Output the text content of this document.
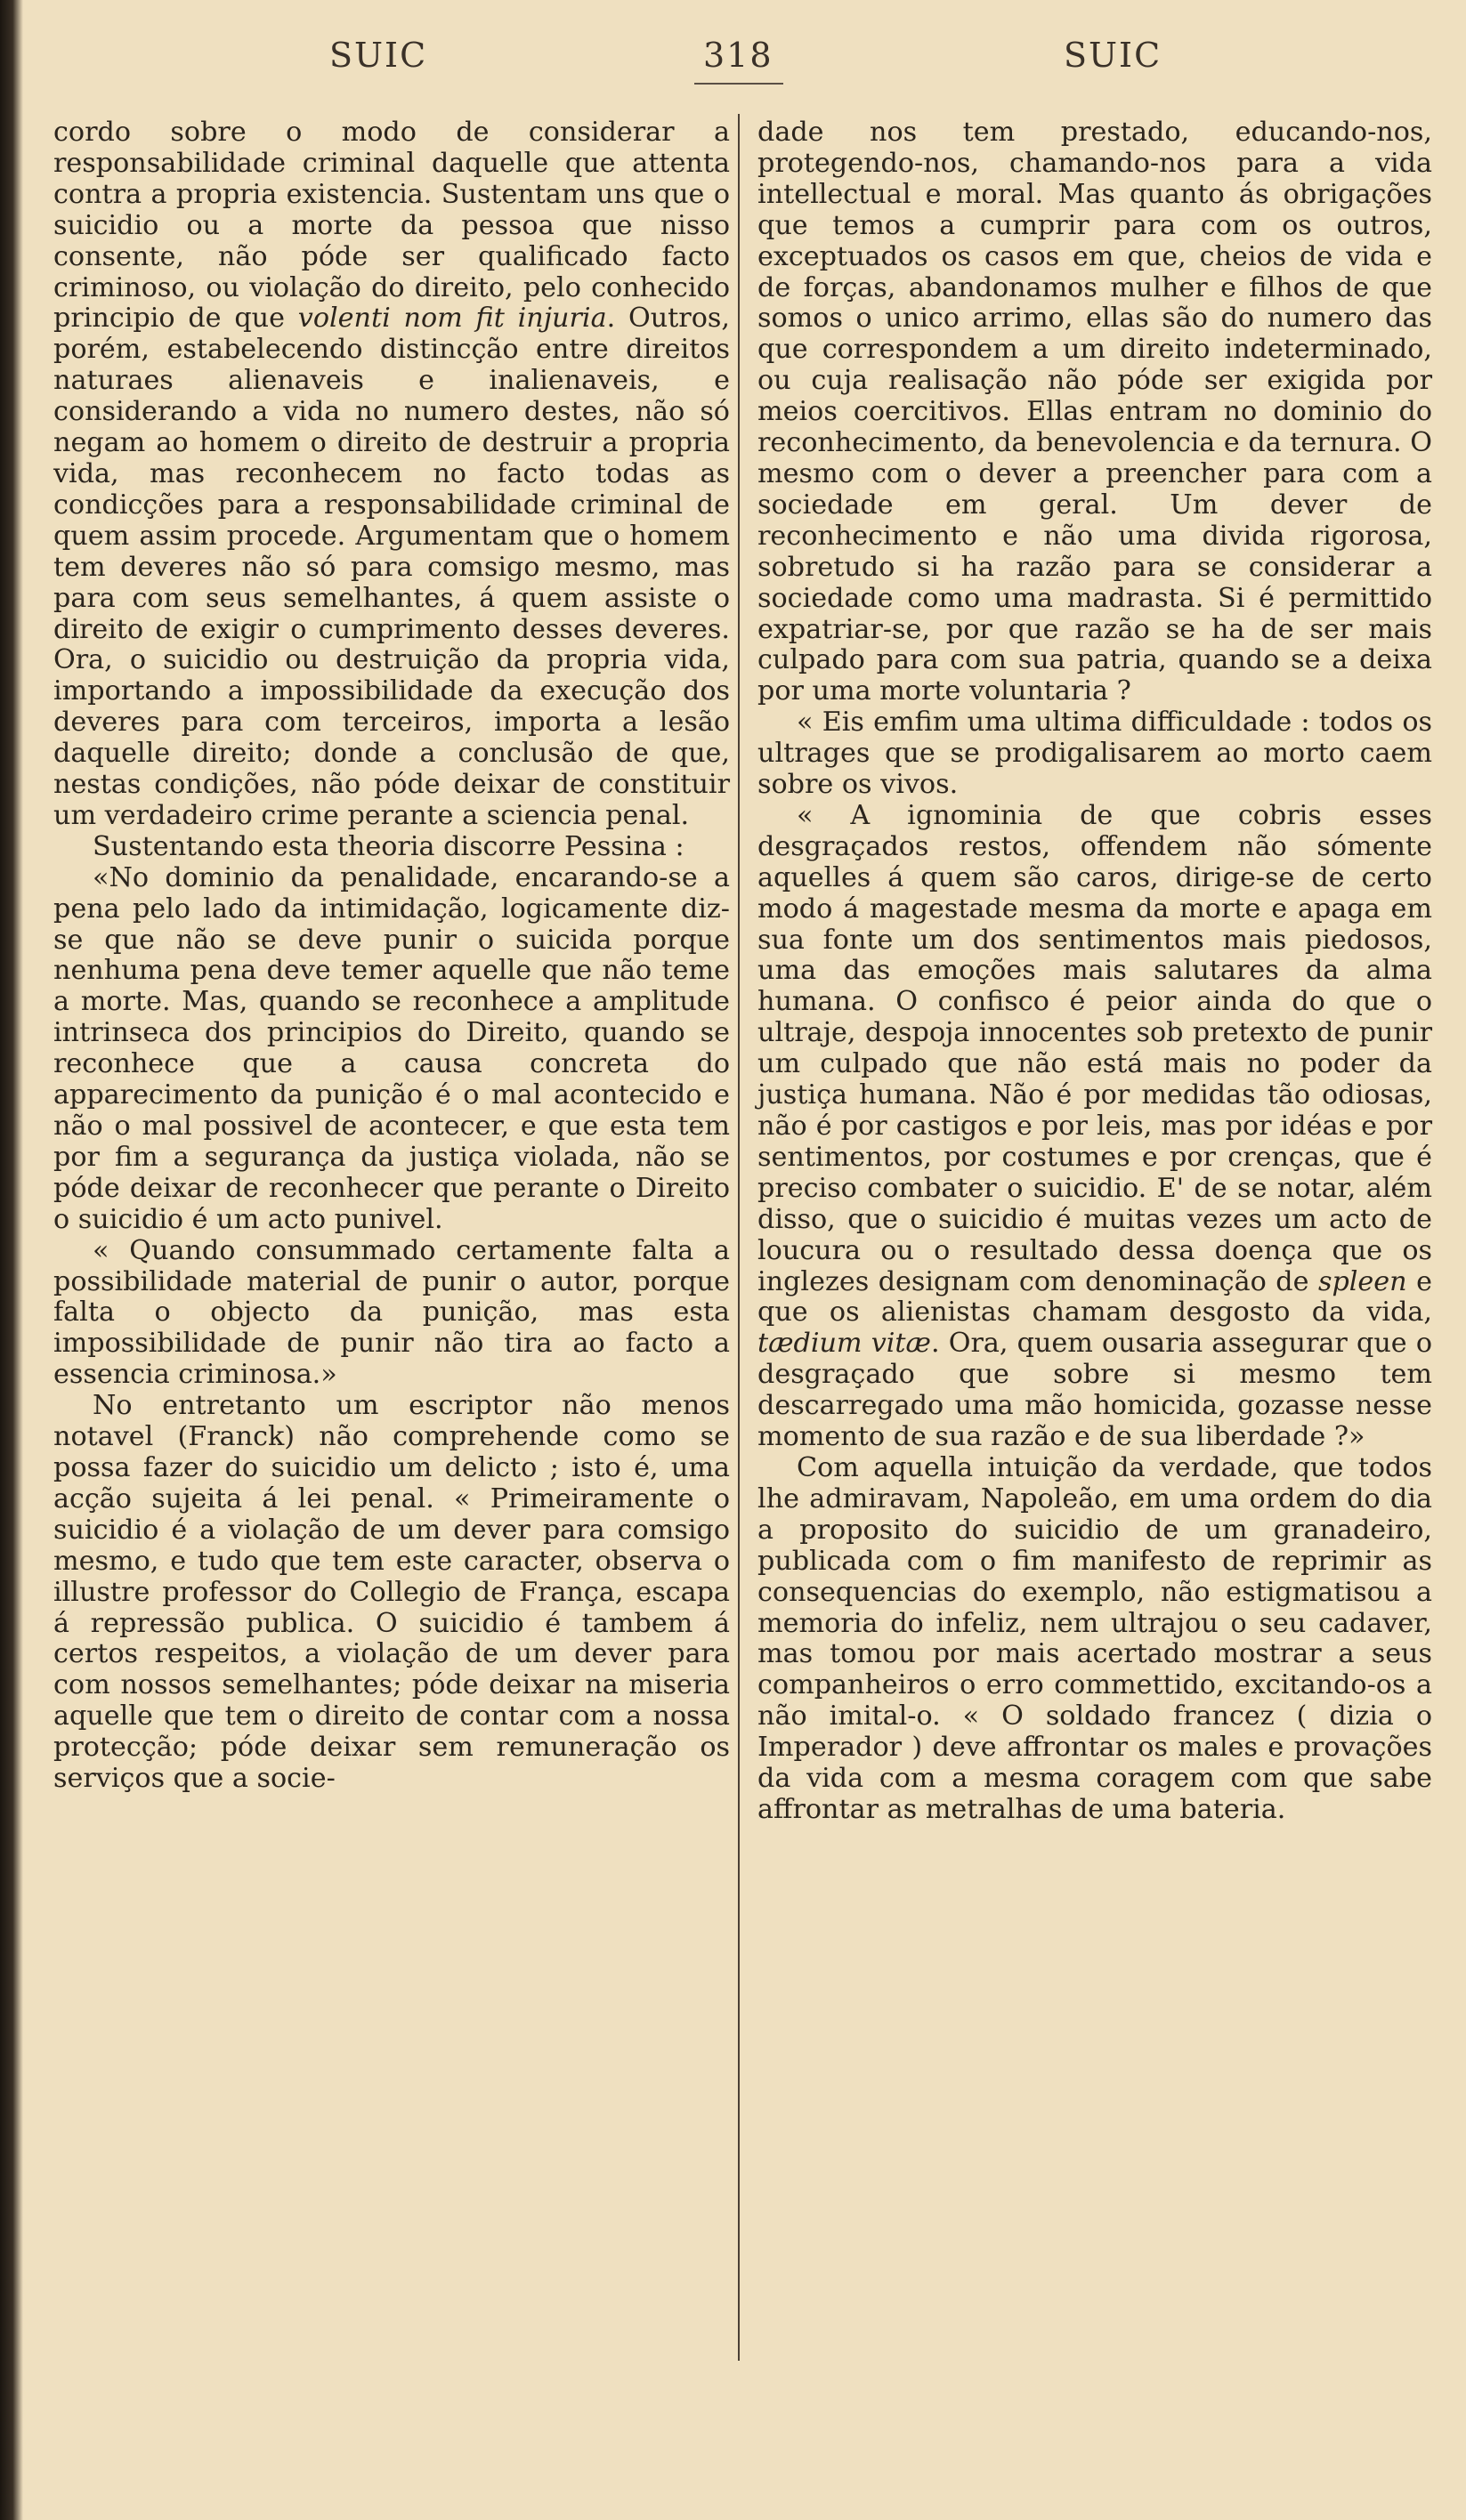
SUIC	318	SUIC

cordo sobre o modo de considerar a responsabilidade criminal daquelle que attenta contra a propria existencia. Sustentam uns que o suicidio ou a morte da pessoa que nisso consente, não póde ser qualificado facto criminoso, ou violação do direito, pelo conhecido principio de que volenti nom fit injuria. Outros, porém, estabelecendo distincção entre direitos naturaes alienaveis e inalienaveis, e considerando a vida no numero destes, não só negam ao homem o direito de destruir a propria vida, mas reconhecem no facto todas as condicções para a responsabilidade criminal de quem assim procede. Argumentam que o homem tem deveres não só para comsigo mesmo, mas para com seus semelhantes, á quem assiste o direito de exigir o cumprimento desses deveres. Ora, o suicidio ou destruição da propria vida, importando a impossibilidade da execução dos deveres para com terceiros, importa a lesão daquelle direito; donde a conclusão de que, nestas condições, não póde deixar de constituir um verdadeiro crime perante a sciencia penal.

Sustentando esta theoria discorre Pessina :

«No dominio da penalidade, encarando-se a pena pelo lado da intimidação, logicamente diz-se que não se deve punir o suicida porque nenhuma pena deve temer aquelle que não teme a morte. Mas, quando se reconhece a amplitude intrinseca dos principios do Direito, quando se reconhece que a causa concreta do apparecimento da punição é o mal acontecido e não o mal possivel de acontecer, e que esta tem por fim a segurança da justiça violada, não se póde deixar de reconhecer que perante o Direito o suicidio é um acto punivel.

« Quando consummado certamente falta a possibilidade material de punir o autor, porque falta o objecto da punição, mas esta impossibilidade de punir não tira ao facto a essencia criminosa.»

No entretanto um escriptor não menos notavel (Franck) não comprehende como se possa fazer do suicidio um delicto ; isto é, uma acção sujeita á lei penal. « Primeiramente o suicidio é a violação de um dever para comsigo mesmo, e tudo que tem este caracter, observa o illustre professor do Collegio de França, escapa á repressão publica. O suicidio é tambem á certos respeitos, a violação de um dever para com nossos semelhantes; póde deixar na miseria aquelle que tem o direito de contar com a nossa protecção; póde deixar sem remuneração os serviços que a socie-

dade nos tem prestado, educando-nos, protegendo-nos, chamando-nos para a vida intellectual e moral. Mas quanto ás obrigações que temos a cumprir para com os outros, exceptuados os casos em que, cheios de vida e de forças, abandonamos mulher e filhos de que somos o unico arrimo, ellas são do numero das que correspondem a um direito indeterminado, ou cuja realisação não póde ser exigida por meios coercitivos. Ellas entram no dominio do reconhecimento, da benevolencia e da ternura. O mesmo com o dever a preencher para com a sociedade em geral. Um dever de reconhecimento e não uma divida rigorosa, sobretudo si ha razão para se considerar a sociedade como uma madrasta. Si é permittido expatriar-se, por que razão se ha de ser mais culpado para com sua patria, quando se a deixa por uma morte voluntaria ?

« Eis emfim uma ultima difficuldade : todos os ultrages que se prodigalisarem ao morto caem sobre os vivos.

« A ignominia de que cobris esses desgraçados restos, offendem não sómente aquelles á quem são caros, dirige-se de certo modo á magestade mesma da morte e apaga em sua fonte um dos sentimentos mais piedosos, uma das emoções mais salutares da alma humana. O confisco é peior ainda do que o ultraje, despoja innocentes sob pretexto de punir um culpado que não está mais no poder da justiça humana. Não é por medidas tão odiosas, não é por castigos e por leis, mas por idéas e por sentimentos, por costumes e por crenças, que é preciso combater o suicidio. E' de se notar, além disso, que o suicidio é muitas vezes um acto de loucura ou o resultado dessa doença que os inglezes designam com denominação de spleen e que os alienistas chamam desgosto da vida, tædium vitæ. Ora, quem ousaria assegurar que o desgraçado que sobre si mesmo tem descarregado uma mão homicida, gozasse nesse momento de sua razão e de sua liberdade ?»

Com aquella intuição da verdade, que todos lhe admiravam, Napoleão, em uma ordem do dia a proposito do suicidio de um granadeiro, publicada com o fim manifesto de reprimir as consequencias do exemplo, não estigmatisou a memoria do infeliz, nem ultrajou o seu cadaver, mas tomou por mais acertado mostrar a seus companheiros o erro commettido, excitando-os a não imital-o. « O soldado francez ( dizia o Imperador ) deve affrontar os males e provações da vida com a mesma coragem com que sabe affrontar as metralhas de uma bateria.
